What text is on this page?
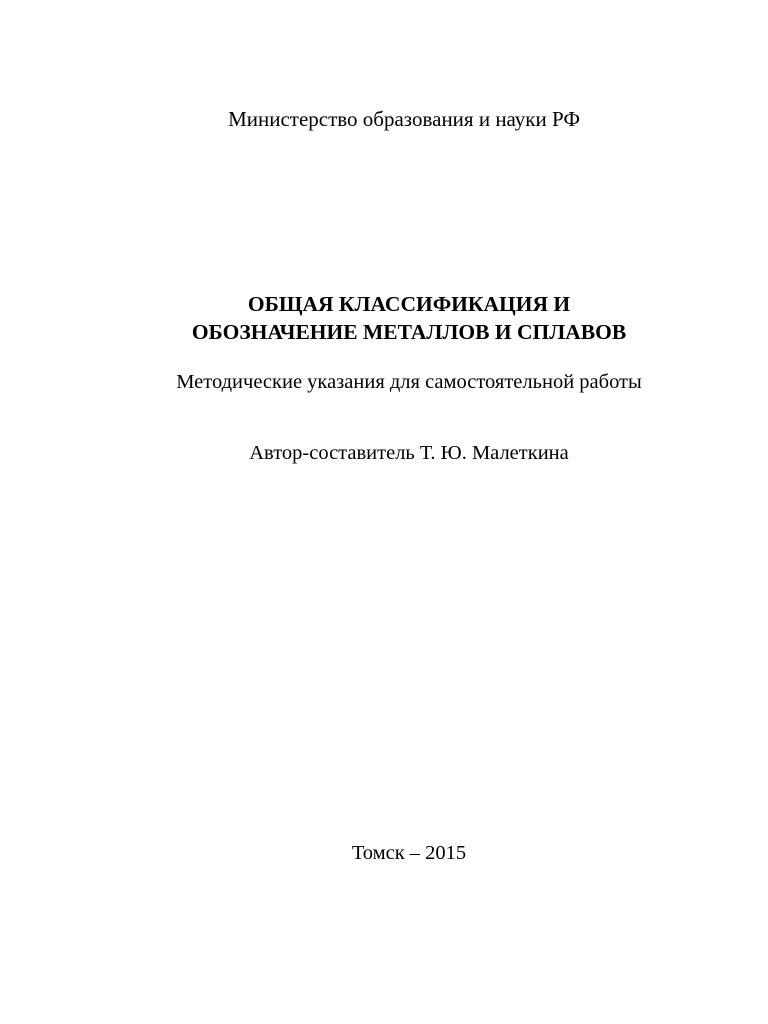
Министерство образования и науки РФ
ОБЩАЯ КЛАССИФИКАЦИЯ И
ОБОЗНАЧЕНИЕ МЕТАЛЛОВ И СПЛАВОВ
Методические указания для самостоятельной работы
Автор-составитель Т. Ю. Малеткина
Томск – 2015
